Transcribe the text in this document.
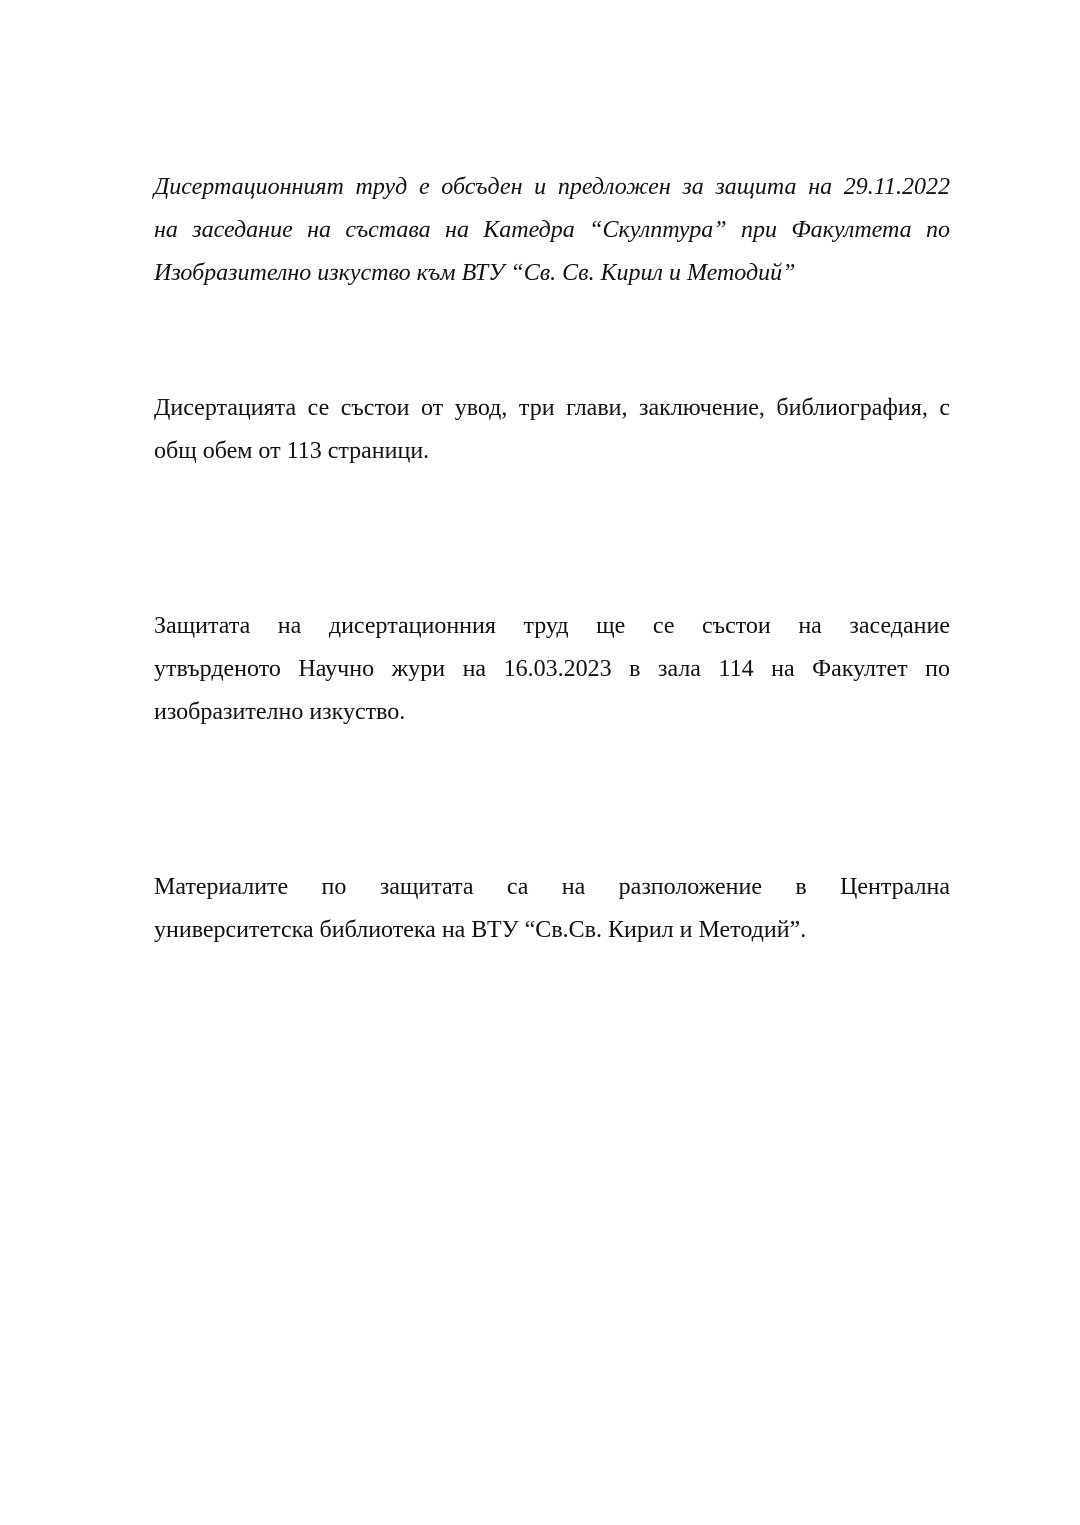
Дисертационният труд е обсъден и предложен за защита на 29.11.2022
на заседание на състава на Катедра “Скулптура” при Факултета по
Изобразително изкуство към ВТУ “Св. Св. Кирил и Методий”

Дисертацията се състои от увод, три глави, заключение, библиография, с
общ обем от 113 страници.

Защитата на дисертационния труд ще се състои на заседание
утвърденото Научно жури на 16.03.2023 в зала 114 на Факултет по
изобразително изкуство.

Материалите по защитата са на разположение в Централна
университетска библиотека на ВТУ “Св.Св. Кирил и Методий”.
